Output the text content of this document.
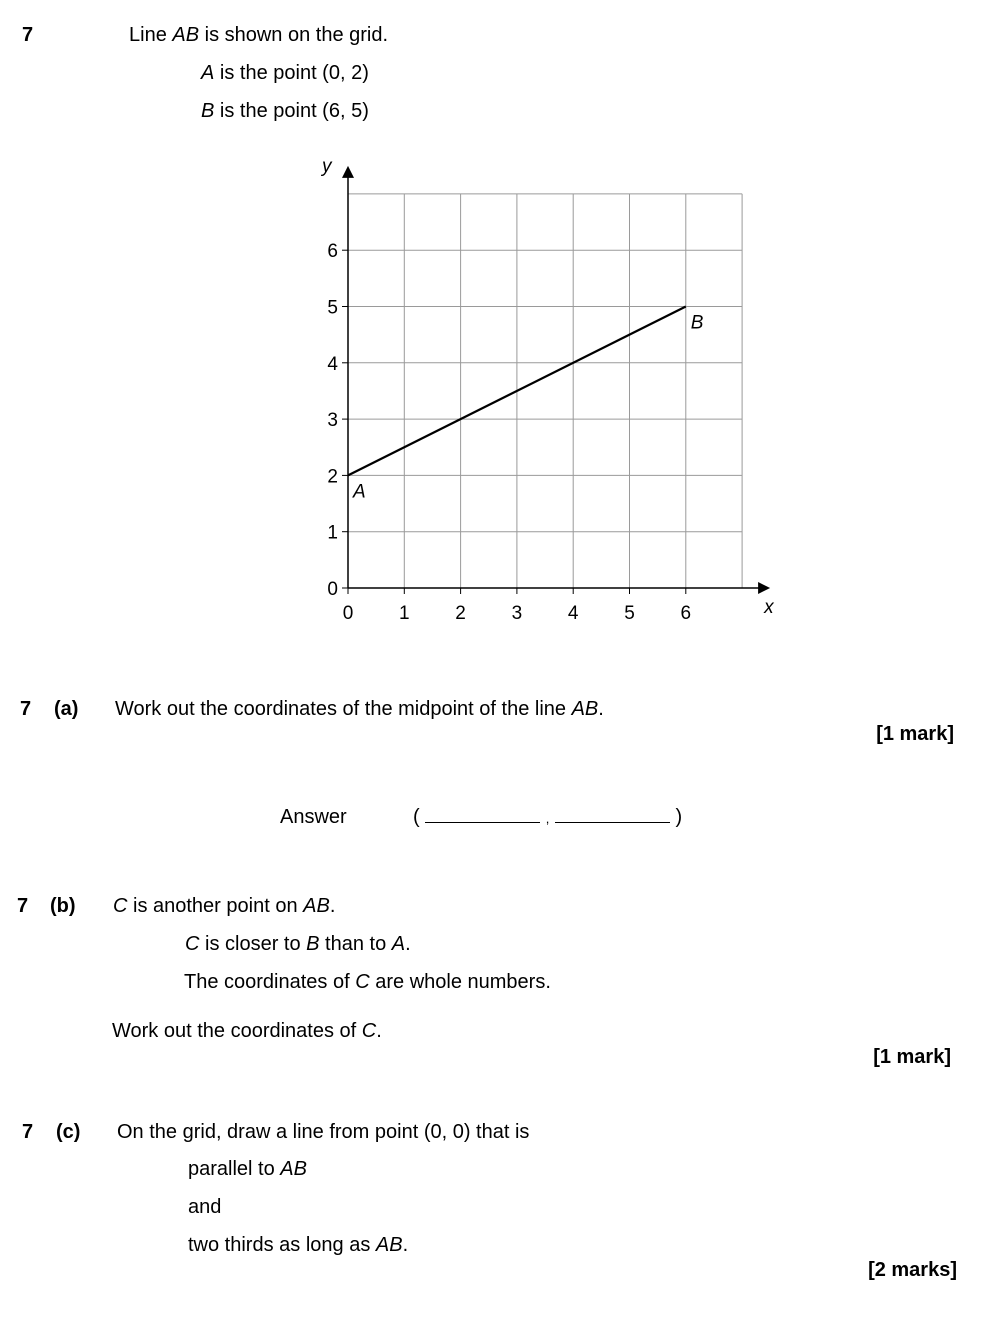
7	Line AB is shown on the grid.
A is the point (0, 2)
B is the point (6, 5)
0 1 2 3 4 5 6
0
1
2
3
4
5
6
x
y
A
B
7 (a) Work out the coordinates of the midpoint of the line AB.
[1 mark]
Answer	(	,	)
7 (b) C is another point on AB.
C is closer to B than to A.
The coordinates of C are whole numbers.
Work out the coordinates of C.
[1 mark]
7 (c) On the grid, draw a line from point (0, 0) that is
parallel to AB
and
two thirds as long as AB.
[2 marks]
